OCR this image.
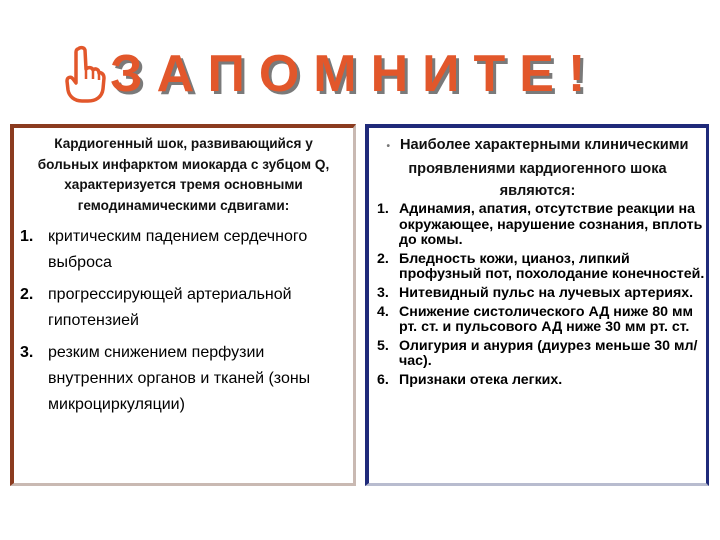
ЗАПОМНИТЕ!
Кардиогенный шок, развивающийся у больных инфарктом миокарда с зубцом Q, характеризуется тремя основными гемодинамическими сдвигами:
1. критическим падением сердечного выброса
2. прогрессирующей артериальной гипотензией
3. резким снижением перфузии внутренних органов и тканей (зоны микроциркуляции)
• Наиболее характерными клиническими проявлениями кардиогенного шока являются:
1. Адинамия, апатия, отсутствие реакции на окружающее, нарушение сознания, вплоть до комы.
2. Бледность кожи, цианоз, липкий профузный пот, похолодание конечностей.
3. Нитевидный пульс на лучевых артериях.
4. Снижение систолического АД ниже 80 мм рт. ст. и пульсового АД ниже 30 мм рт. ст.
5. Олигурия и анурия (диурез меньше 30 мл/час).
6. Признаки отека легких.
